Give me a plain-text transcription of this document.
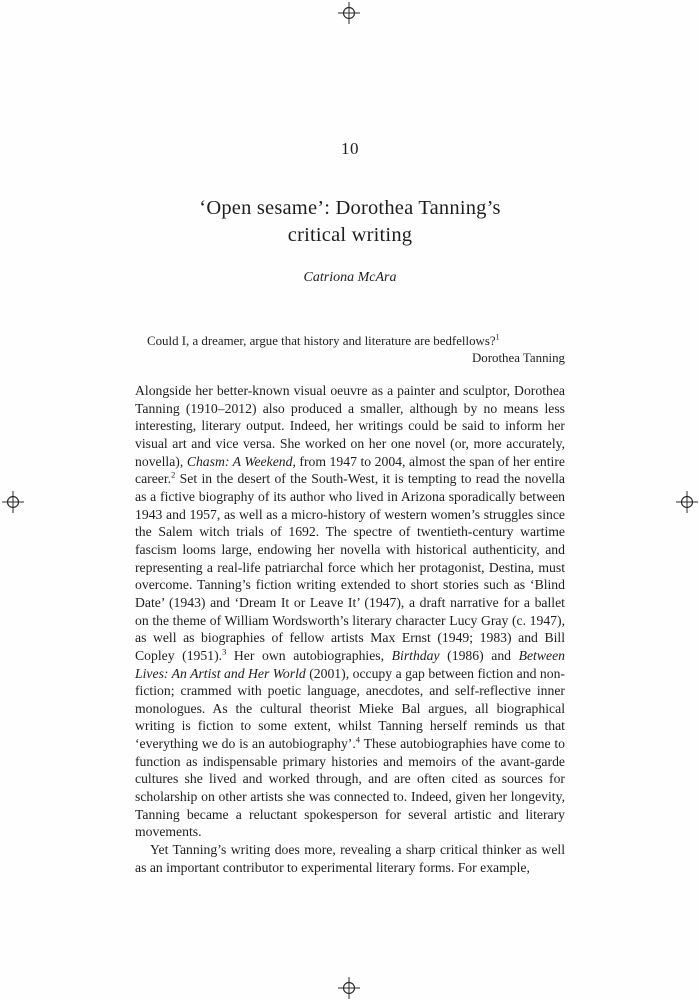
10
‘Open sesame’: Dorothea Tanning’s
critical writing
Catriona McAra
Could I, a dreamer, argue that history and literature are bedfellows?$^1$
Dorothea Tanning

Alongside her better-known visual oeuvre as a painter and sculptor, Dorothea Tanning (1910–2012) also produced a smaller, although by no means less interesting, literary output. Indeed, her writings could be said to inform her visual art and vice versa. She worked on her one novel (or, more accurately, novella), Chasm: A Weekend, from 1947 to 2004, almost the span of her entire career.$^2$ Set in the desert of the South-West, it is tempting to read the novella as a fictive biography of its author who lived in Arizona sporadically between 1943 and 1957, as well as a micro-history of western women’s struggles since the Salem witch trials of 1692. The spectre of twentieth-century wartime fascism looms large, endowing her novella with historical authenticity, and representing a real-life patriarchal force which her protagonist, Destina, must overcome. Tanning’s fiction writing extended to short stories such as ‘Blind Date’ (1943) and ‘Dream It or Leave It’ (1947), a draft narrative for a ballet on the theme of William Wordsworth’s literary character Lucy Gray (c. 1947), as well as biographies of fellow artists Max Ernst (1949; 1983) and Bill Copley (1951).$^3$ Her own autobiographies, Birthday (1986) and Between Lives: An Artist and Her World (2001), occupy a gap between fiction and non-fiction; crammed with poetic language, anecdotes, and self-reflective inner monologues. As the cultural theorist Mieke Bal argues, all biographical writing is fiction to some extent, whilst Tanning herself reminds us that ‘everything we do is an autobiography’.$^4$ These autobiographies have come to function as indispensable primary histories and memoirs of the avant-garde cultures she lived and worked through, and are often cited as sources for scholarship on other artists she was connected to. Indeed, given her longevity, Tanning became a reluctant spokesperson for several artistic and literary movements.

Yet Tanning’s writing does more, revealing a sharp critical thinker as well as an important contributor to experimental literary forms. For example,
